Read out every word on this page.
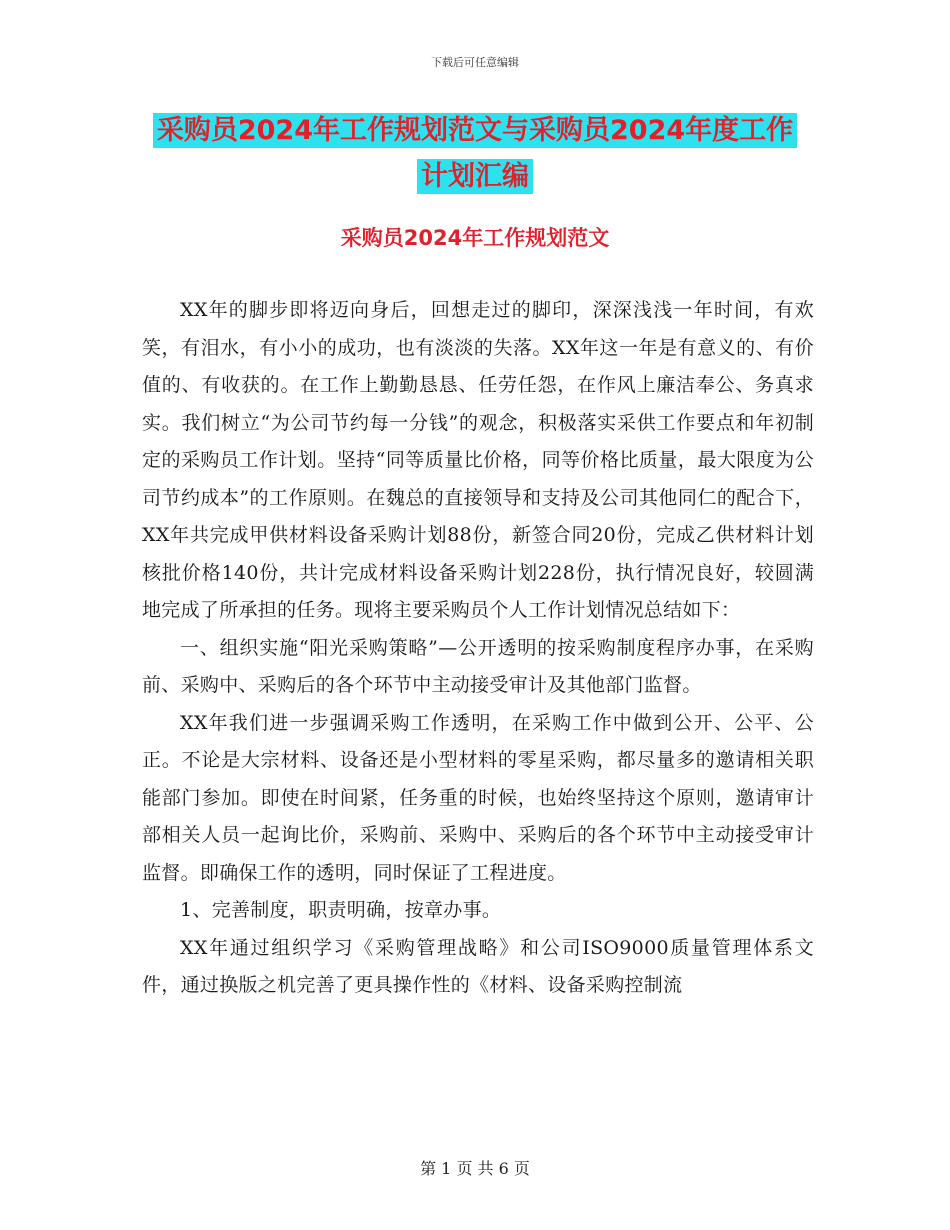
下载后可任意编辑
采购员2024年工作规划范文与采购员2024年度工作
计划汇编
采购员2024年工作规划范文

XX年的脚步即将迈向身后，回想走过的脚印，深深浅浅一年时间，有欢笑，有泪水，有小小的成功，也有淡淡的失落。XX年这一年是有意义的、有价值的、有收获的。在工作上勤勤恳恳、任劳任怨，在作风上廉洁奉公、务真求实。我们树立“为公司节约每一分钱”的观念，积极落实采供工作要点和年初制定的采购员工作计划。坚持“同等质量比价格，同等价格比质量，最大限度为公司节约成本”的工作原则。在魏总的直接领导和支持及公司其他同仁的配合下，XX年共完成甲供材料设备采购计划88份，新签合同20份，完成乙供材料计划核批价格140份，共计完成材料设备采购计划228份，执行情况良好，较圆满地完成了所承担的任务。现将主要采购员个人工作计划情况总结如下：

一、组织实施“阳光采购策略”—公开透明的按采购制度程序办事，在采购前、采购中、采购后的各个环节中主动接受审计及其他部门监督。

XX年我们进一步强调采购工作透明，在采购工作中做到公开、公平、公正。不论是大宗材料、设备还是小型材料的零星采购，都尽量多的邀请相关职能部门参加。即使在时间紧，任务重的时候，也始终坚持这个原则，邀请审计部相关人员一起询比价，采购前、采购中、采购后的各个环节中主动接受审计监督。即确保工作的透明，同时保证了工程进度。

1、完善制度，职责明确，按章办事。

XX年通过组织学习《采购管理战略》和公司ISO9000质量管理体系文件，通过换版之机完善了更具操作性的《材料、设备采购控制流

第 1 页 共 6 页
